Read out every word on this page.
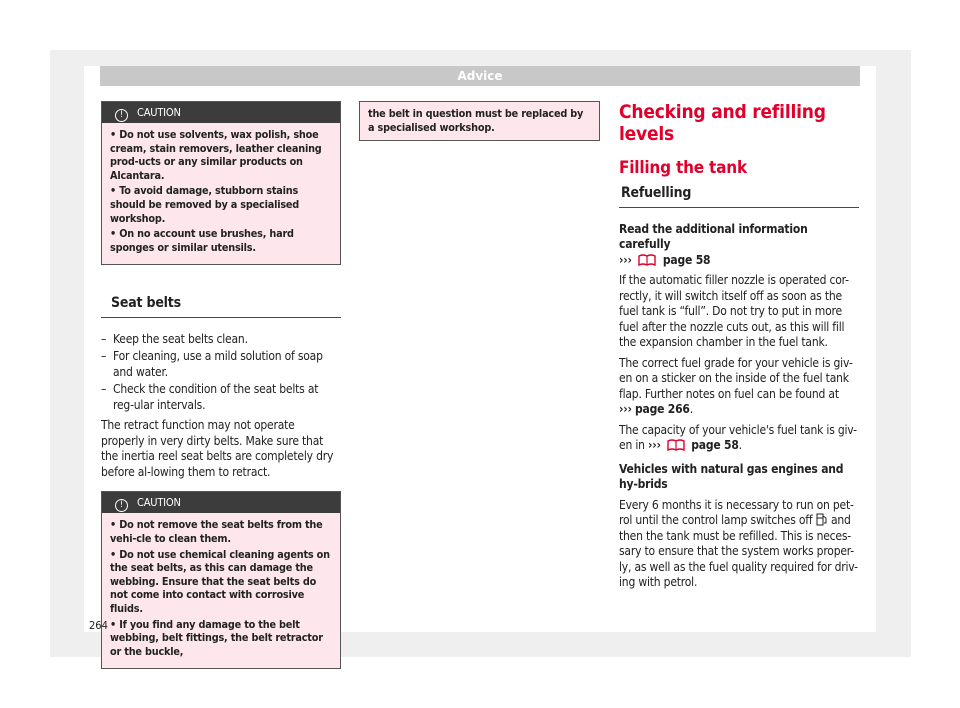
Advice
! CAUTION

• Do not use solvents, wax polish, shoe cream, stain removers, leather cleaning prod-ucts or any similar products on Alcantara.

• To avoid damage, stubborn stains should be removed by a specialised workshop.

• On no account use brushes, hard sponges or similar utensils.

Seat belts
– Keep the seat belts clean.
– For cleaning, use a mild solution of soap and water.
– Check the condition of the seat belts at reg-ular intervals.

The retract function may not operate properly in very dirty belts. Make sure that the inertia reel seat belts are completely dry before al-lowing them to retract.

! CAUTION

• Do not remove the seat belts from the vehi-cle to clean them.

• Do not use chemical cleaning agents on the seat belts, as this can damage the webbing. Ensure that the seat belts do not come into contact with corrosive fluids.

• If you find any damage to the belt webbing, belt fittings, the belt retractor or the buckle,

the belt in question must be replaced by a specialised workshop.
Checking and refilling levels
Filling the tank
Refuelling

Read the additional information carefully
›››	page 58

If the automatic filler nozzle is operated cor-rectly, it will switch itself off as soon as the fuel tank is “full”. Do not try to put in more fuel after the nozzle cuts out, as this will fill the expansion chamber in the fuel tank.

The correct fuel grade for your vehicle is giv-en on a sticker on the inside of the fuel tank flap. Further notes on fuel can be found at
››› page 266.

The capacity of your vehicle's fuel tank is giv-en in ›››	page 58.

Vehicles with natural gas engines and hy-brids

Every 6 months it is necessary to run on pet-rol until the control lamp switches off and then the tank must be refilled. This is neces-sary to ensure that the system works proper-ly, as well as the fuel quality required for driv-ing with petrol.

264
